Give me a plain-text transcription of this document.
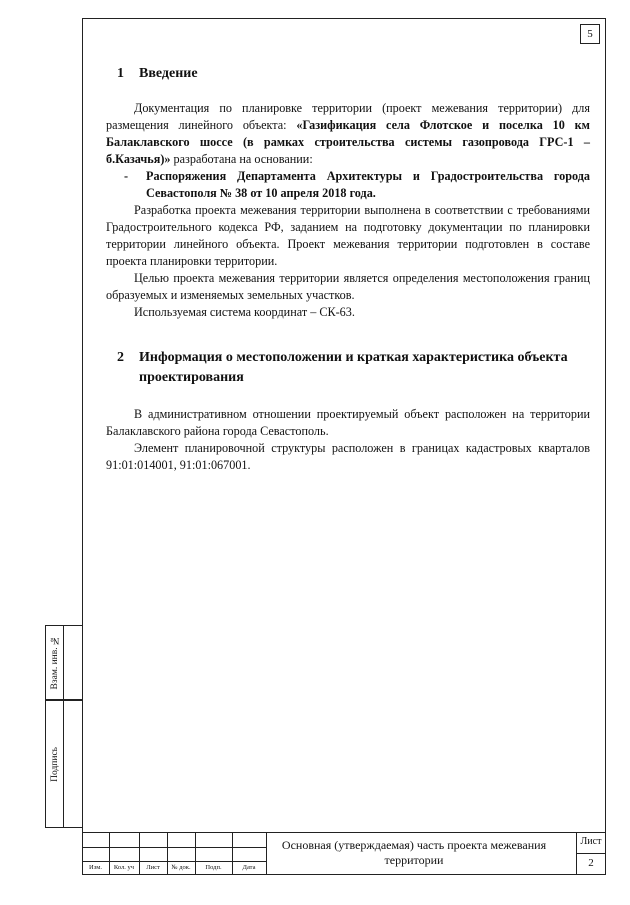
5
Взам. инв. №
Подпись
1 Введение
Документация по планировке территории (проект межевания территории) для размещения линейного объекта: «Газификация села Флотское и поселка 10 км Балаклавского шоссе (в рамках строительства системы газопровода ГРС-1 – б.Казачья)» разработана на основании:
- Распоряжения Департамента Архитектуры и Градостроительства города Севастополя № 38 от 10 апреля 2018 года.
Разработка проекта межевания территории выполнена в соответствии с требованиями Градостроительного кодекса РФ, заданием на подготовку документации по планировки территории линейного объекта. Проект межевания территории подготовлен в составе проекта планировки территории.
Целью проекта межевания территории является определения местоположения границ образуемых и изменяемых земельных участков.
Используемая система координат – СК-63.
2 Информация о местоположении и краткая характеристика объекта проектирования
В административном отношении проектируемый объект расположен на территории Балаклавского района города Севастополь.
Элемент планировочной структуры расположен в границах кадастровых кварталов 91:01:014001, 91:01:067001.
Изм.	Кол. уч	Лист	№ док.	Подп.	Дата
Основная (утверждаемая) часть проекта межевания территории
Лист
2
